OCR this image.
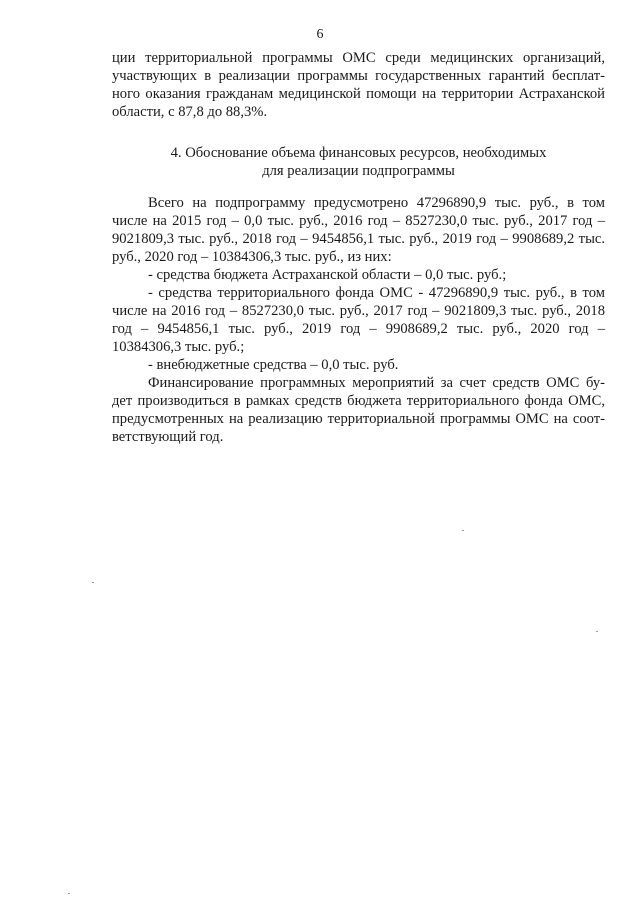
6
ции территориальной программы ОМС среди медицинских организаций,
участвующих в реализации программы государственных гарантий бесплат-
ного оказания гражданам медицинской помощи на территории Астраханской
области, с 87,8 до 88,3%.
4. Обоснование объема финансовых ресурсов, необходимых
для реализации подпрограммы
Всего на подпрограмму предусмотрено 47296890,9 тыс. руб., в том
числе на 2015 год – 0,0 тыс. руб., 2016 год – 8527230,0 тыс. руб., 2017 год –
9021809,3 тыс. руб., 2018 год – 9454856,1 тыс. руб., 2019 год – 9908689,2 тыс.
руб., 2020 год – 10384306,3 тыс. руб., из них:
- средства бюджета Астраханской области – 0,0 тыс. руб.;
- средства территориального фонда ОМС - 47296890,9 тыс. руб., в том
числе на 2016 год – 8527230,0 тыс. руб., 2017 год – 9021809,3 тыс. руб., 2018
год – 9454856,1 тыс. руб., 2019 год – 9908689,2 тыс. руб., 2020 год –
10384306,3 тыс. руб.;
- внебюджетные средства – 0,0 тыс. руб.
Финансирование программных мероприятий за счет средств ОМС бу-
дет производиться в рамках средств бюджета территориального фонда ОМС,
предусмотренных на реализацию территориальной программы ОМС на соот-
ветствующий год.
